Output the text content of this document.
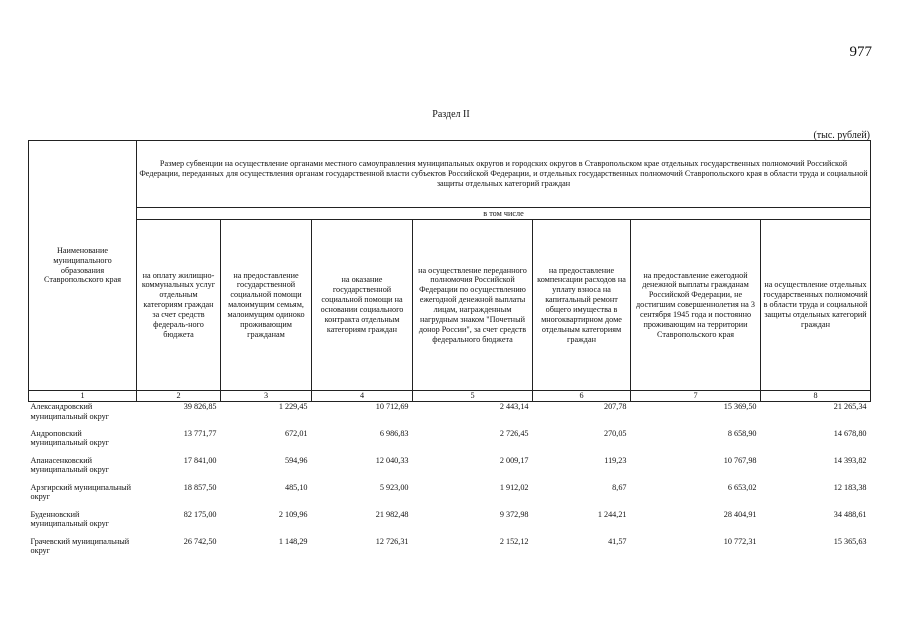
977
Раздел II
(тыс. рублей)
Наименование муниципального образования Ставропольского края	Размер субвенции на осуществление органами местного самоуправления муниципальных округов и городских округов в Ставропольском крае отдельных государственных полномочий Российской Федерации, переданных для осуществления органам государственной власти субъектов Российской Федерации, и отдельных государственных полномочий Ставропольского края в области труда и социальной защиты отдельных категорий граждан						
	в том числе						
	на оплату жилищно-коммунальных услуг отдельным категориям граждан за счет средств федераль-ного бюджета	на предоставление государственной социальной помощи малоимущим семьям, малоимущим одиноко проживающим гражданам	на оказание государственной социальной помощи на основании социального контракта отдельным категориям граждан	на осуществление переданного полномочия Российской Федерации по осуществлению ежегодной денежной выплаты лицам, награжденным нагрудным знаком "Почетный донор России", за счет средств федерального бюджета	на предоставление компенсации расходов на уплату взноса на капитальный ремонт общего имущества в многоквартирном доме отдельным категориям граждан	на предоставление ежегодной денежной выплаты гражданам Российской Федерации, не достигшим совершеннолетия на 3 сентября 1945 года и постоянно проживающим на территории Ставропольского края	на осуществление отдельных государственных полномочий в области труда и социальной защиты отдельных категорий граждан
1	2	3	4	5	6	7	8
Александровский муниципальный округ	39 826,85	1 229,45	10 712,69	2 443,14	207,78	15 369,50	21 265,34
Андроповский муниципальный округ	13 771,77	672,01	6 986,83	2 726,45	270,05	8 658,90	14 678,80
Апанасенковский муниципальный округ	17 841,00	594,96	12 040,33	2 009,17	119,23	10 767,98	14 393,82
Арзгирский муниципальный округ	18 857,50	485,10	5 923,00	1 912,02	8,67	6 653,02	12 183,38
Буденновский муниципальный округ	82 175,00	2 109,96	21 982,48	9 372,98	1 244,21	28 404,91	34 488,61
Грачевский муниципальный округ	26 742,50	1 148,29	12 726,31	2 152,12	41,57	10 772,31	15 365,63
